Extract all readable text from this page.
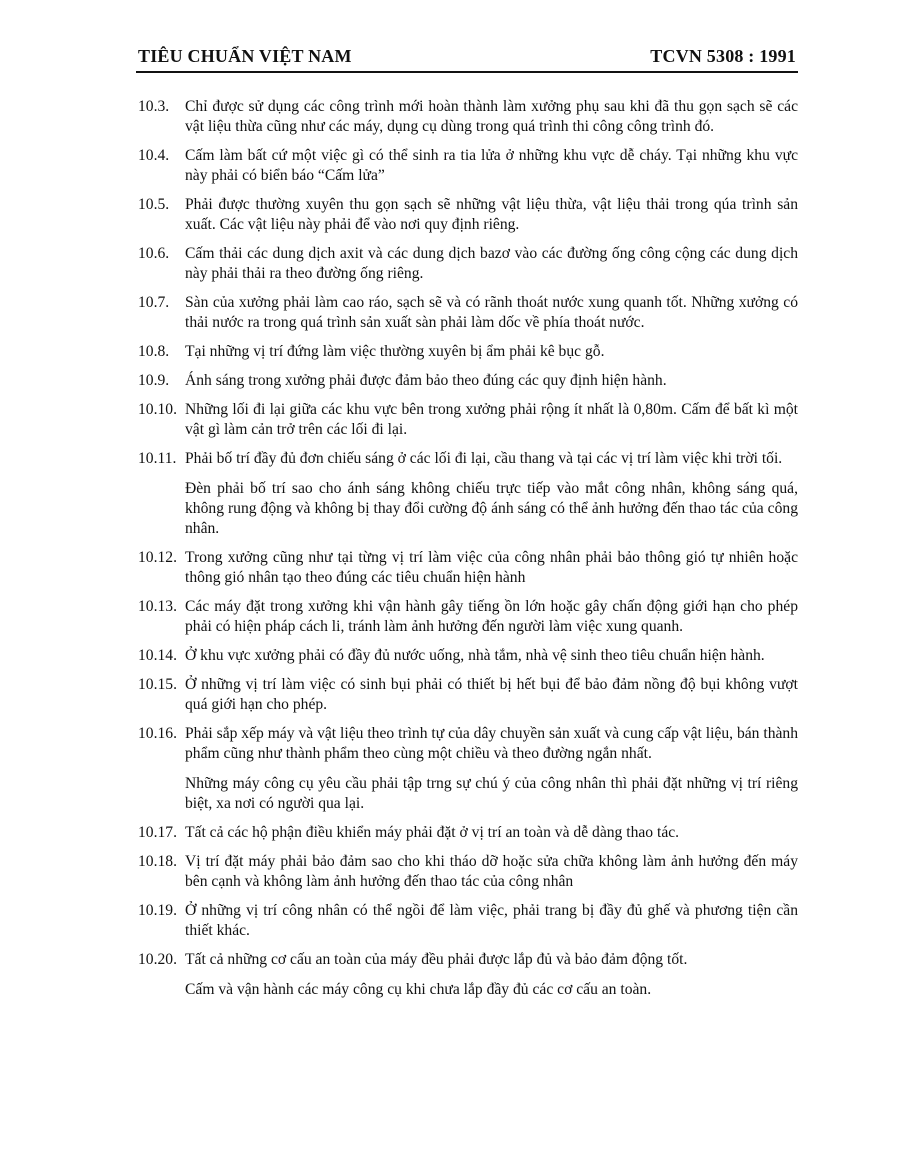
TIÊU CHUẨN VIỆT NAM	TCVN 5308 : 1991
10.3. Chỉ được sử dụng các công trình mới hoàn thành làm xưởng phụ sau khi đã thu gọn sạch sẽ các vật liệu thừa cũng như các máy, dụng cụ dùng trong quá trình thi công công trình đó.
10.4. Cấm làm bất cứ một việc gì có thể sinh ra tia lửa ở những khu vực dễ cháy. Tại những khu vực này phải có biển báo “Cấm lửa”
10.5. Phải được thường xuyên thu gọn sạch sẽ những vật liệu thừa, vật liệu thải trong qúa trình sản xuất. Các vật liệu này phải để vào nơi quy định riêng.
10.6. Cấm thải các dung dịch axit và các dung dịch bazơ vào các đường ống công cộng các dung dịch này phải thải ra theo đường ống riêng.
10.7. Sàn của xưởng phải làm cao ráo, sạch sẽ và có rãnh thoát nước xung quanh tốt. Những xưởng có thải nước ra trong quá trình sản xuất sàn phải làm dốc về phía thoát nước.
10.8. Tại những vị trí đứng làm việc thường xuyên bị ẩm phải kê bục gỗ.
10.9. Ánh sáng trong xưởng phải được đảm bảo theo đúng các quy định hiện hành.
10.10. Những lối đi lại giữa các khu vực bên trong xưởng phải rộng ít nhất là 0,80m. Cấm để bất kì một vật gì làm cản trở trên các lối đi lại.
10.11. Phải bố trí đầy đủ đơn chiếu sáng ở các lối đi lại, cầu thang và tại các vị trí làm việc khi trời tối.
Đèn phải bố trí sao cho ánh sáng không chiếu trực tiếp vào mắt công nhân, không sáng quá, không rung động và không bị thay đổi cường độ ánh sáng có thể ảnh hưởng đến thao tác của công nhân.
10.12. Trong xưởng cũng như tại từng vị trí làm việc của công nhân phải bảo thông gió tự nhiên hoặc thông gió nhân tạo theo đúng các tiêu chuẩn hiện hành
10.13. Các máy đặt trong xưởng khi vận hành gây tiếng ồn lớn hoặc gây chấn động giới hạn cho phép phải có hiện pháp cách li, tránh làm ảnh hưởng đến người làm việc xung quanh.
10.14. Ở khu vực xưởng phải có đầy đủ nước uống, nhà tắm, nhà vệ sinh theo tiêu chuẩn hiện hành.
10.15. Ở những vị trí làm việc có sinh bụi phải có thiết bị hết bụi để bảo đảm nồng độ bụi không vượt quá giới hạn cho phép.
10.16. Phải sắp xếp máy và vật liệu theo trình tự của dây chuyền sản xuất và cung cấp vật liệu, bán thành phẩm cũng như thành phẩm theo cùng một chiều và theo đường ngắn nhất.
Những máy công cụ yêu cầu phải tập trng sự chú ý của công nhân thì phải đặt những vị trí riêng biệt, xa nơi có người qua lại.
10.17. Tất cả các hộ phận điều khiển máy phải đặt ở vị trí an toàn và dễ dàng thao tác.
10.18. Vị trí đặt máy phải bảo đảm sao cho khi tháo dỡ hoặc sửa chữa không làm ảnh hưởng đến máy bên cạnh và không làm ảnh hưởng đến thao tác của công nhân
10.19. Ở những vị trí công nhân có thể ngồi để làm việc, phải trang bị đầy đủ ghế và phương tiện cần thiết khác.
10.20. Tất cả những cơ cấu an toàn của máy đều phải được lắp đủ và bảo đảm động tốt.
Cấm và vận hành các máy công cụ khi chưa lắp đầy đủ các cơ cấu an toàn.
